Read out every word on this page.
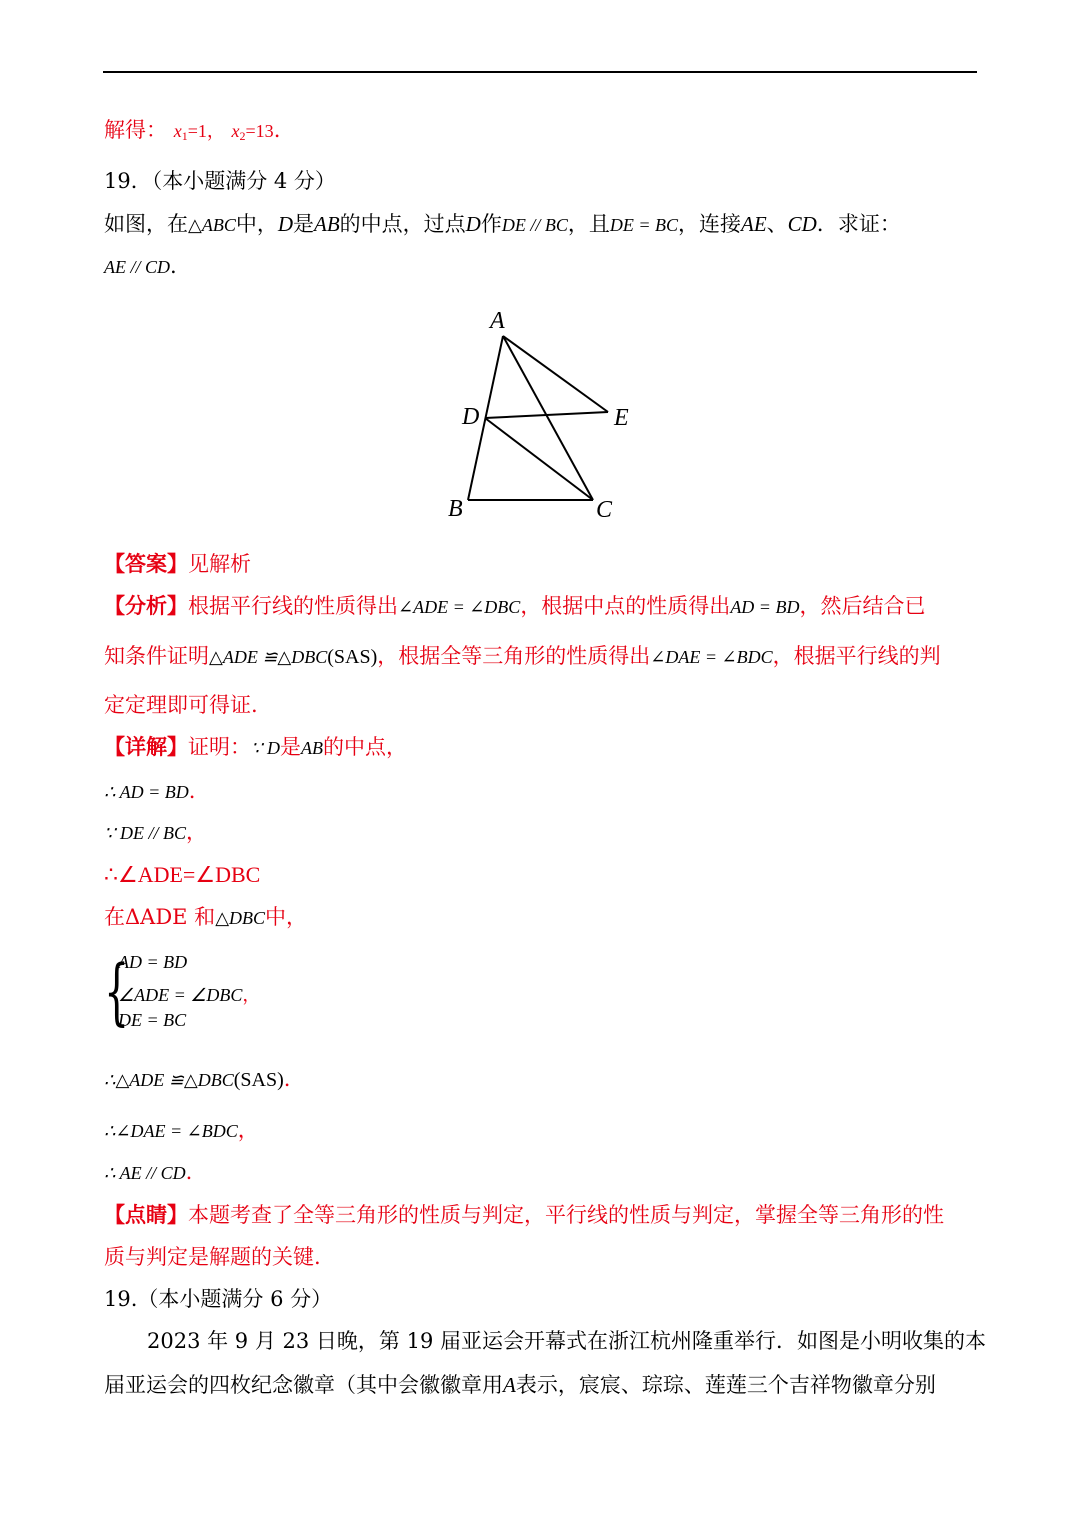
解得： $x_1=1$， $x_2=13$.
19．（本小题满分 4 分）
如图，在△ABC中，D是AB的中点，过点D作DE // BC，且DE = BC，连接AE、CD．求证：
AE // CD.
A
D	E
B	C
【答案】见解析
【分析】根据平行线的性质得出∠ADE = ∠DBC，根据中点的性质得出AD = BD，然后结合已
知条件证明△ADE ≌△DBC(SAS)，根据全等三角形的性质得出∠DAE = ∠BDC，根据平行线的判
定定理即可得证.
【详解】证明：∵ D是AB的中点，
∴ AD = BD.
∵ DE // BC，
∴∠ADE=∠DBC
在ΔADE 和△DBC中，
{
AD = BD
∠ADE = ∠DBC，
DE = BC
∴△ADE ≌△DBC(SAS).
∴∠DAE = ∠BDC，
∴ AE // CD.
【点睛】本题考查了全等三角形的性质与判定，平行线的性质与判定，掌握全等三角形的性
质与判定是解题的关键.
19.（本小题满分 6 分）
2023 年 9 月 23 日晚，第 19 届亚运会开幕式在浙江杭州隆重举行．如图是小明收集的本
届亚运会的四枚纪念徽章（其中会徽徽章用A表示，宸宸、琮琮、莲莲三个吉祥物徽章分别
